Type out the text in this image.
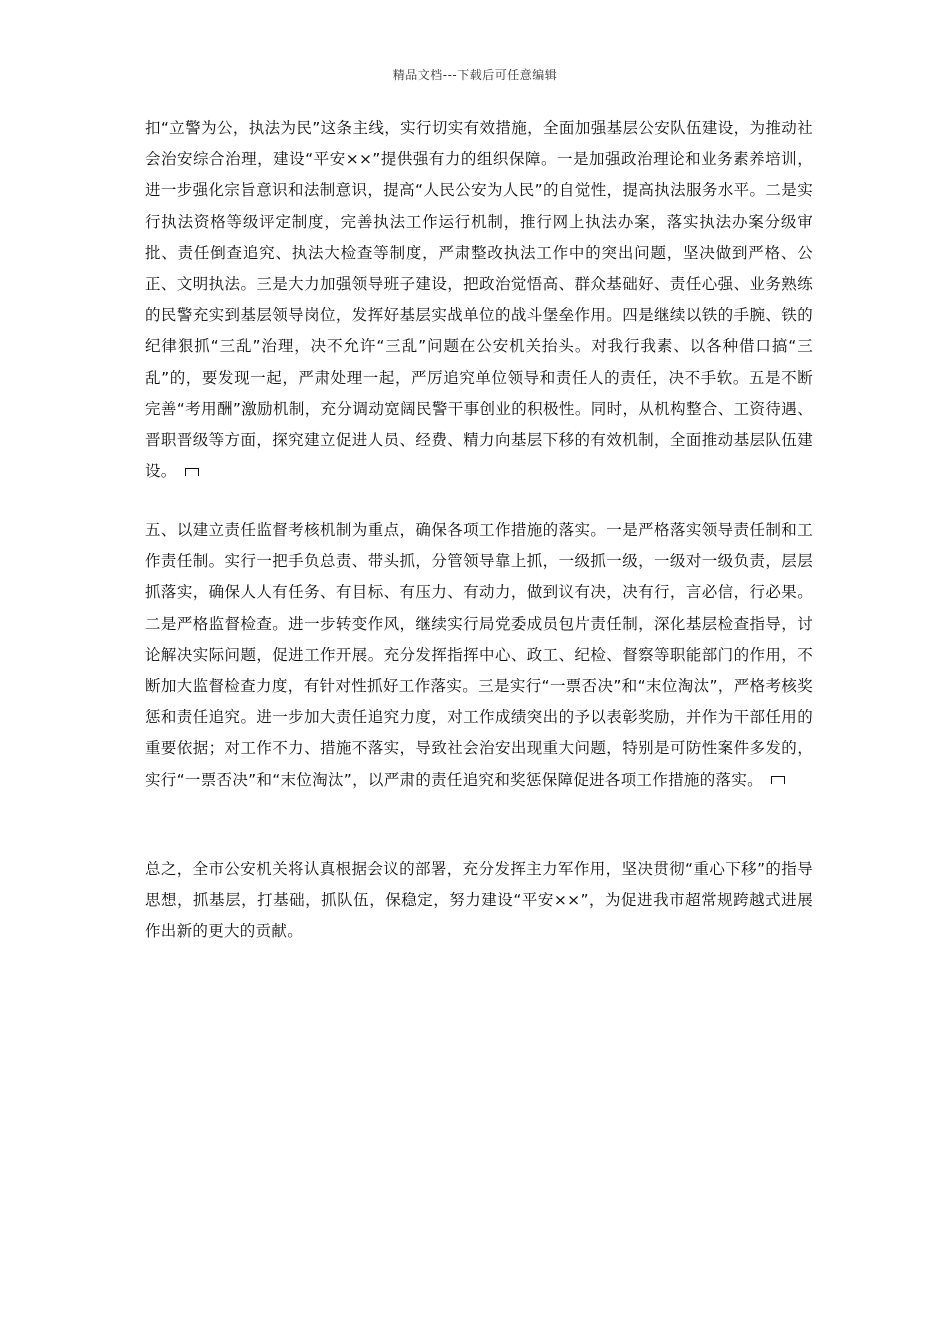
精品文档---下载后可任意编辑
扣“立警为公，执法为民”这条主线，实行切实有效措施，全面加强基层公安队伍建设，为推动社会治安综合治理，建设“平安××”提供强有力的组织保障。一是加强政治理论和业务素养培训，进一步强化宗旨意识和法制意识，提高“人民公安为人民”的自觉性，提高执法服务水平。二是实行执法资格等级评定制度，完善执法工作运行机制，推行网上执法办案，落实执法办案分级审批、责任倒查追究、执法大检查等制度，严肃整改执法工作中的突出问题，坚决做到严格、公正、文明执法。三是大力加强领导班子建设，把政治觉悟高、群众基础好、责任心强、业务熟练的民警充实到基层领导岗位，发挥好基层实战单位的战斗堡垒作用。四是继续以铁的手腕、铁的纪律狠抓“三乱”治理，决不允许“三乱”问题在公安机关抬头。对我行我素、以各种借口搞“三乱”的，要发现一起，严肃处理一起，严厉追究单位领导和责任人的责任，决不手软。五是不断完善“考用酬”激励机制，充分调动宽阔民警干事创业的积极性。同时，从机构整合、工资待遇、晋职晋级等方面，探究建立促进人员、经费、精力向基层下移的有效机制，全面推动基层队伍建设。
五、以建立责任监督考核机制为重点，确保各项工作措施的落实。一是严格落实领导责任制和工作责任制。实行一把手负总责、带头抓，分管领导靠上抓，一级抓一级，一级对一级负责，层层抓落实，确保人人有任务、有目标、有压力、有动力，做到议有决，决有行，言必信，行必果。二是严格监督检查。进一步转变作风，继续实行局党委成员包片责任制，深化基层检查指导，讨论解决实际问题，促进工作开展。充分发挥指挥中心、政工、纪检、督察等职能部门的作用，不断加大监督检查力度，有针对性抓好工作落实。三是实行“一票否决”和“末位淘汰”，严格考核奖惩和责任追究。进一步加大责任追究力度，对工作成绩突出的予以表彰奖励，并作为干部任用的重要依据；对工作不力、措施不落实，导致社会治安出现重大问题，特别是可防性案件多发的，实行“一票否决”和“末位淘汰”，以严肃的责任追究和奖惩保障促进各项工作措施的落实。
总之，全市公安机关将认真根据会议的部署，充分发挥主力军作用，坚决贯彻“重心下移”的指导思想，抓基层，打基础，抓队伍，保稳定，努力建设“平安××”，为促进我市超常规跨越式进展作出新的更大的贡献。
